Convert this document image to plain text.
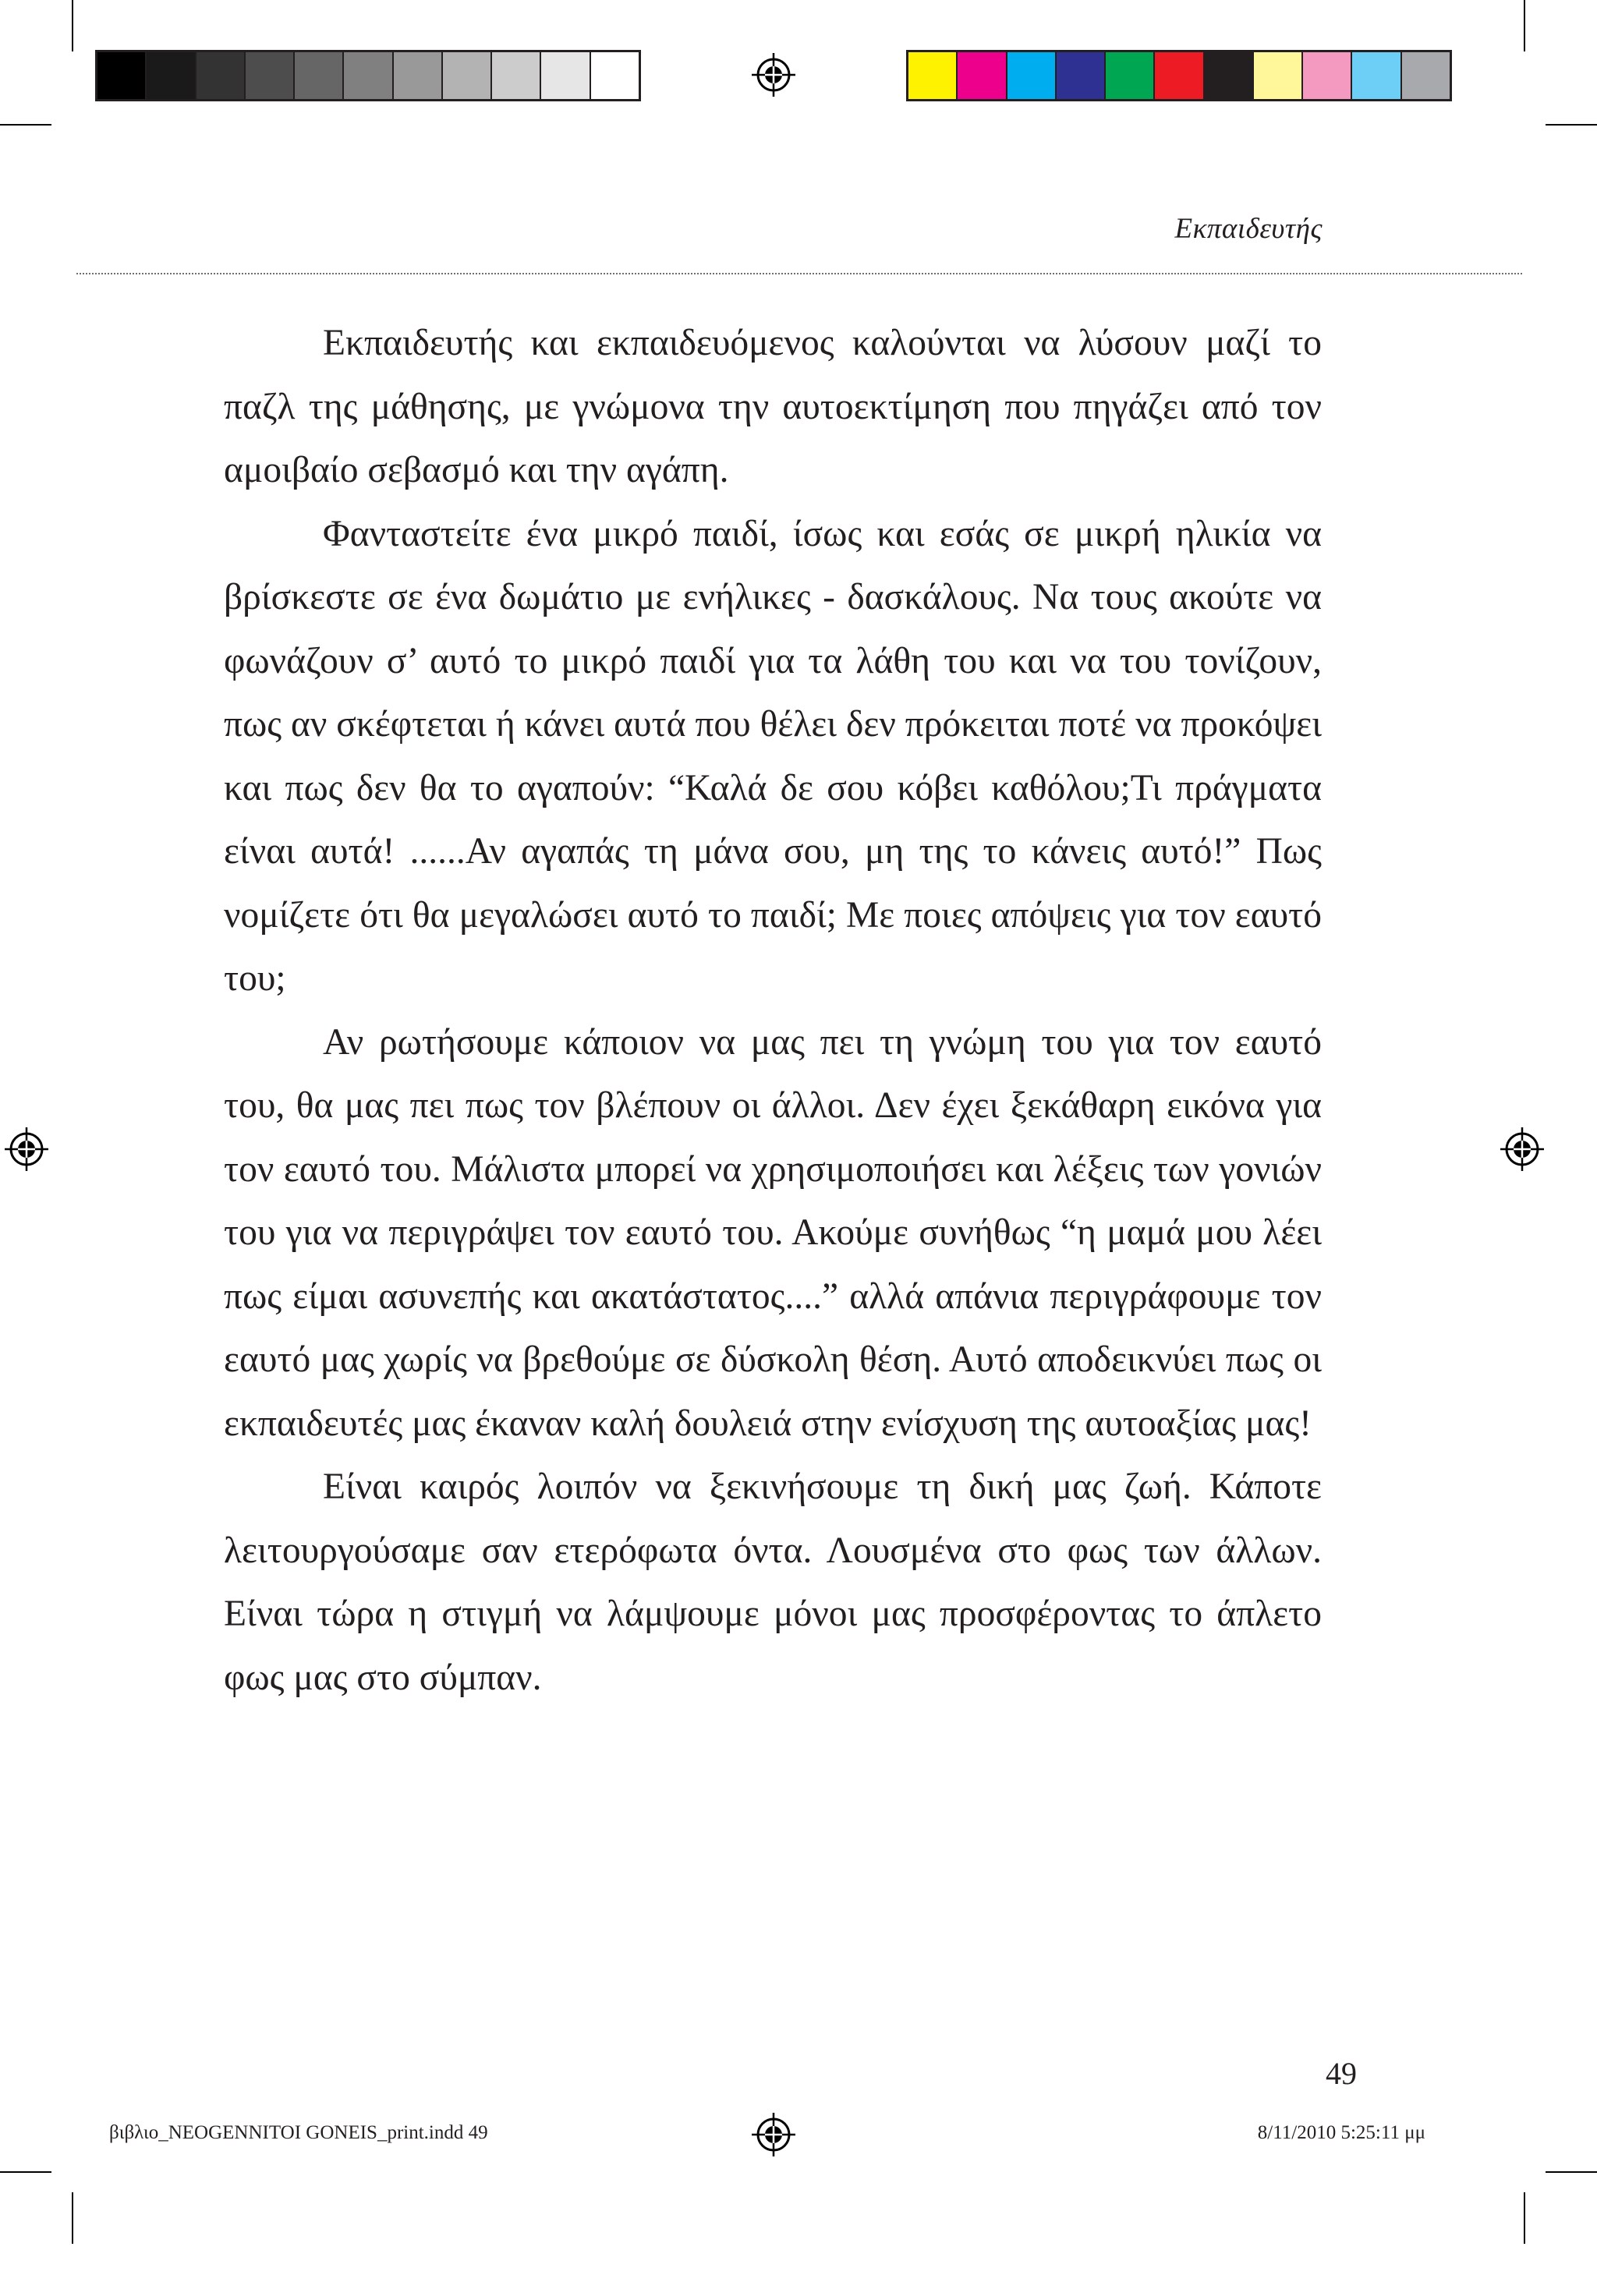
Εκπαιδευτής

Εκπαιδευτής και εκπαιδευόμενος καλούνται να λύσουν μαζί το παζλ της μάθησης, με γνώμονα την αυτοεκτίμηση που πηγάζει από τον αμοιβαίο σεβασμό και την αγάπη.

Φανταστείτε ένα μικρό παιδί, ίσως και εσάς σε μικρή ηλικία να βρίσκεστε σε ένα δωμάτιο με ενήλικες - δασκάλους. Να τους ακούτε να φωνάζουν σ’ αυτό το μικρό παιδί για τα λάθη του και να του τονίζουν, πως αν σκέφτεται ή κάνει αυτά που θέλει δεν πρόκειται ποτέ να προκόψει και πως δεν θα το αγαπούν: “Καλά δε σου κόβει καθόλου;Τι πράγματα είναι αυτά! ......Αν αγαπάς τη μάνα σου, μη της το κάνεις αυτό!” Πως νομίζετε ότι θα μεγαλώσει αυτό το παιδί; Με ποιες απόψεις για τον εαυτό του;

Αν ρωτήσουμε κάποιον να μας πει τη γνώμη του για τον εαυτό του, θα μας πει πως τον βλέπουν οι άλλοι. Δεν έχει ξεκάθαρη εικόνα για τον εαυτό του. Μάλιστα μπορεί να χρησιμοποιήσει και λέξεις των γονιών του για να περιγράψει τον εαυτό του. Ακούμε συνήθως “η μαμά μου λέει πως είμαι ασυνεπής και ακατάστατος....” αλλά απάνια περιγράφουμε τον εαυτό μας χωρίς να βρεθούμε σε δύσκολη θέση. Αυτό αποδεικνύει πως οι εκπαιδευτές μας έκαναν καλή δουλειά στην ενίσχυση της αυτοαξίας μας!

Είναι καιρός λοιπόν να ξεκινήσουμε τη δική μας ζωή. Κάποτε λειτουργούσαμε σαν ετερόφωτα όντα. Λουσμένα στο φως των άλλων. Είναι τώρα η στιγμή να λάμψουμε μόνοι μας προσφέροντας το άπλετο φως μας στο σύμπαν.

49
βιβλιο_NEOGENNITOI GONEIS_print.indd 49	8/11/2010 5:25:11 μμ
